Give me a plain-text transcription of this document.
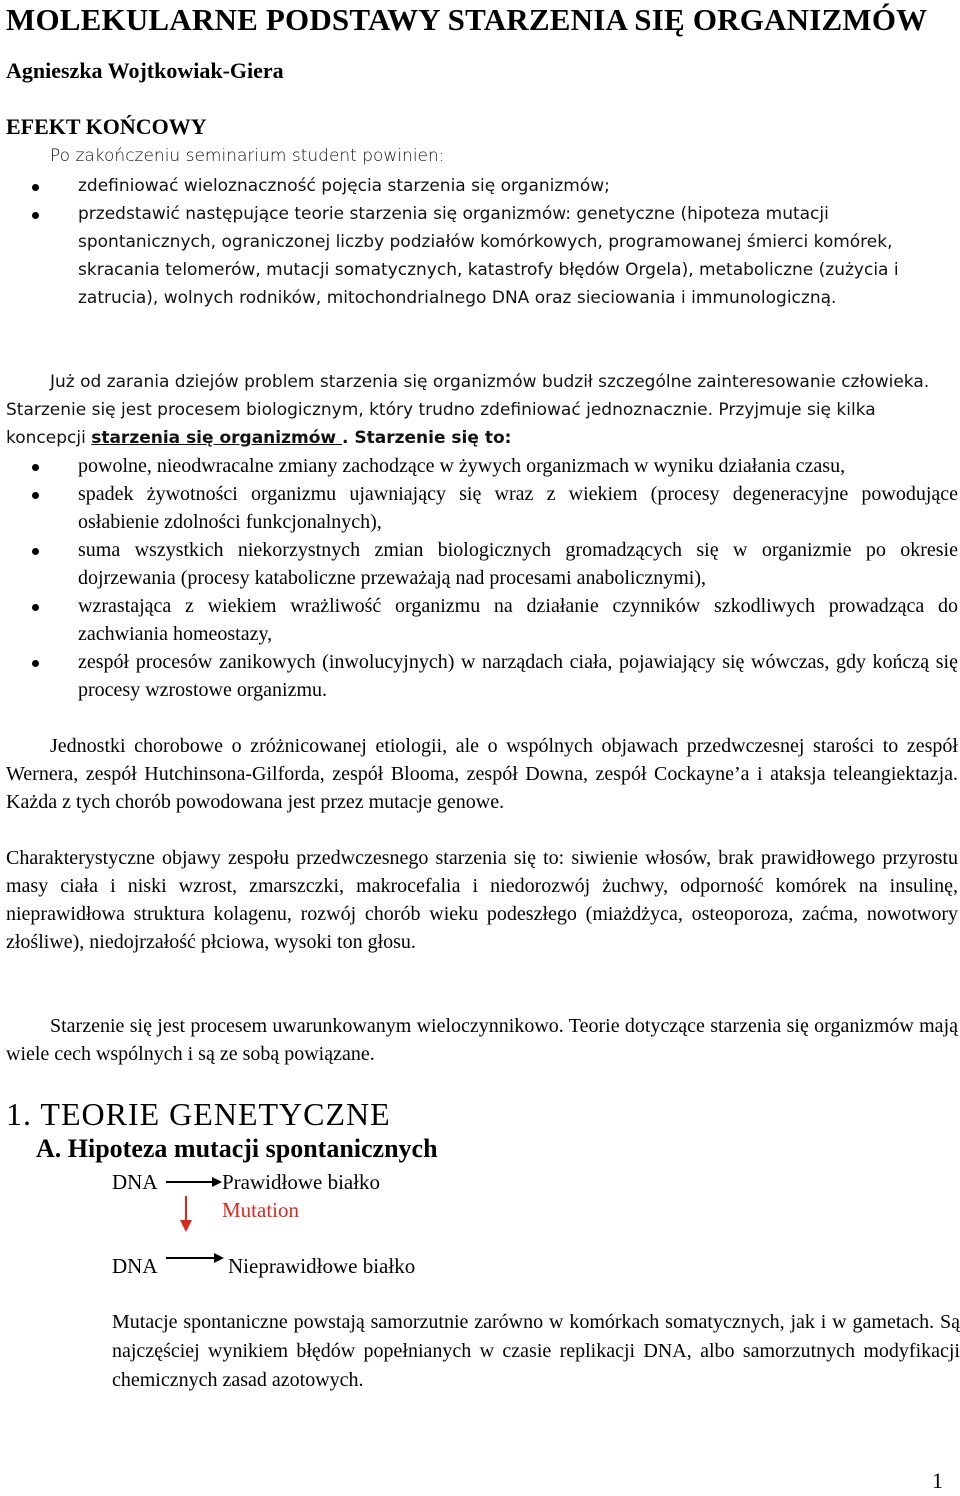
MOLEKULARNE PODSTAWY STARZENIA SIĘ ORGANIZMÓW
Agnieszka Wojtkowiak-Giera
EFEKT KOŃCOWY
Po zakończeniu seminarium student powinien:
zdefiniować wieloznaczność pojęcia starzenia się organizmów;
przedstawić następujące teorie starzenia się organizmów: genetyczne (hipoteza mutacji spontanicznych, ograniczonej liczby podziałów komórkowych, programowanej śmierci komórek, skracania telomerów, mutacji somatycznych, katastrofy błędów Orgela), metaboliczne (zużycia i zatrucia), wolnych rodników, mitochondrialnego DNA oraz sieciowania i immunologiczną.

Już od zarania dziejów problem starzenia się organizmów budził szczególne zainteresowanie człowieka. Starzenie się jest procesem biologicznym, który trudno zdefiniować jednoznacznie. Przyjmuje się kilka koncepcji starzenia się organizmów . Starzenie się to:

powolne, nieodwracalne zmiany zachodzące w żywych organizmach w wyniku działania czasu,
spadek żywotności organizmu ujawniający się wraz z wiekiem (procesy degeneracyjne powodujące osłabienie zdolności funkcjonalnych),
suma wszystkich niekorzystnych zmian biologicznych gromadzących się w organizmie po okresie dojrzewania (procesy kataboliczne przeważają nad procesami anabolicznymi),
wzrastająca z wiekiem wrażliwość organizmu na działanie czynników szkodliwych prowadząca do zachwiania homeostazy,
zespół procesów zanikowych (inwolucyjnych) w narządach ciała, pojawiający się wówczas, gdy kończą się procesy wzrostowe organizmu.

Jednostki chorobowe o zróżnicowanej etiologii, ale o wspólnych objawach przedwczesnej starości to zespół Wernera, zespół Hutchinsona-Gilforda, zespół Blooma, zespół Downa, zespół Cockayne’a i ataksja teleangiektazja. Każda z tych chorób powodowana jest przez mutacje genowe.

Charakterystyczne objawy zespołu przedwczesnego starzenia się to: siwienie włosów, brak prawidłowego przyrostu masy ciała i niski wzrost, zmarszczki, makrocefalia i niedorozwój żuchwy, odporność komórek na insulinę, nieprawidłowa struktura kolagenu, rozwój chorób wieku podeszłego (miażdżyca, osteoporoza, zaćma, nowotwory złośliwe), niedojrzałość płciowa, wysoki ton głosu.

Starzenie się jest procesem uwarunkowanym wieloczynnikowo. Teorie dotyczące starzenia się organizmów mają wiele cech wspólnych i są ze sobą powiązane.

1. TEORIE GENETYCZNE
A. Hipoteza mutacji spontanicznych
DNA	Prawidłowe białko
Mutation
DNA	Nieprawidłowe białko

Mutacje spontaniczne powstają samorzutnie zarówno w komórkach somatycznych, jak i w gametach. Są najczęściej wynikiem błędów popełnianych w czasie replikacji DNA, albo samorzutnych modyfikacji chemicznych zasad azotowych.

1
